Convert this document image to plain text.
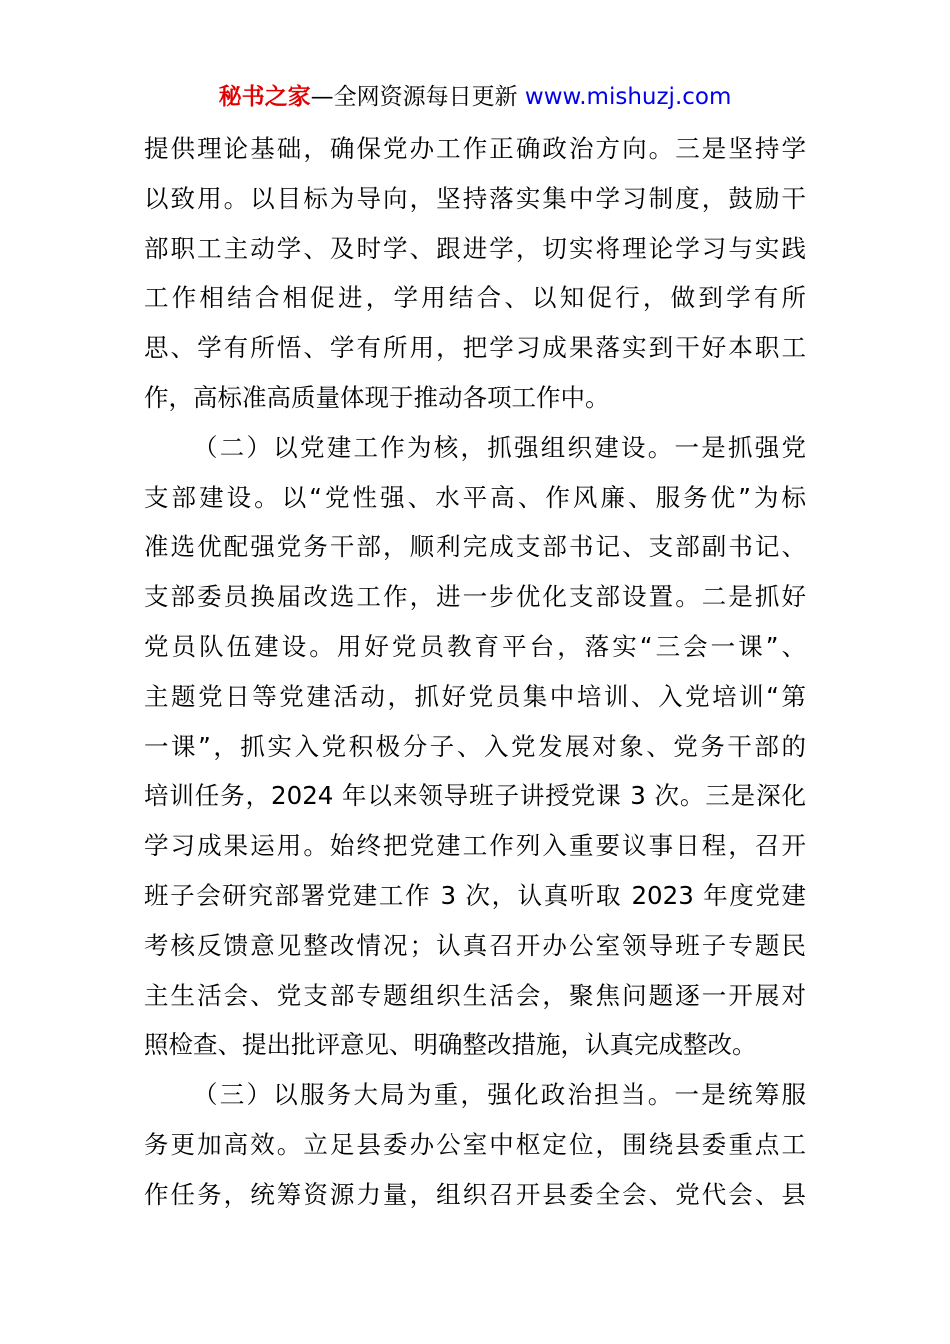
秘书之家—全网资源每日更新 www.mishuzj.com
提供理论基础，确保党办工作正确政治方向。三是坚持学
以致用。以目标为导向，坚持落实集中学习制度，鼓励干
部职工主动学、及时学、跟进学，切实将理论学习与实践
工作相结合相促进，学用结合、以知促行，做到学有所
思、学有所悟、学有所用，把学习成果落实到干好本职工
作，高标准高质量体现于推动各项工作中。
（二）以党建工作为核，抓强组织建设。一是抓强党
支部建设。以“党性强、水平高、作风廉、服务优”为标
准选优配强党务干部，顺利完成支部书记、支部副书记、
支部委员换届改选工作，进一步优化支部设置。二是抓好
党员队伍建设。用好党员教育平台，落实“三会一课”、
主题党日等党建活动，抓好党员集中培训、入党培训“第
一课”，抓实入党积极分子、入党发展对象、党务干部的
培训任务，2024 年以来领导班子讲授党课 3 次。三是深化
学习成果运用。始终把党建工作列入重要议事日程，召开
班子会研究部署党建工作 3 次，认真听取 2023 年度党建
考核反馈意见整改情况；认真召开办公室领导班子专题民
主生活会、党支部专题组织生活会，聚焦问题逐一开展对
照检查、提出批评意见、明确整改措施，认真完成整改。
（三）以服务大局为重，强化政治担当。一是统筹服
务更加高效。立足县委办公室中枢定位，围绕县委重点工
作任务，统筹资源力量，组织召开县委全会、党代会、县
